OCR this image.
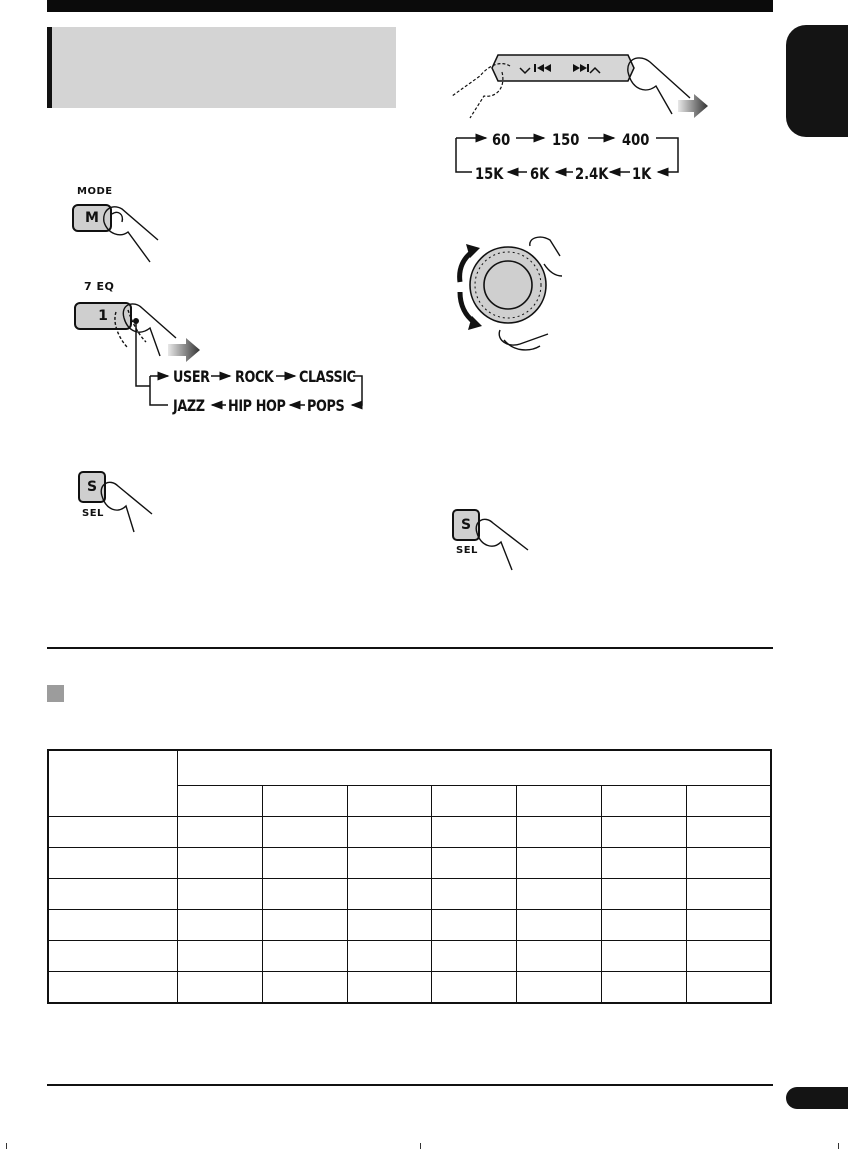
MODE
M
7 EQ
1
USER ROCK CLASSIC
JAZZ HIP HOP POPS
S
SEL
S
SEL
60	150	400
15K 6K 2.4K 1K
